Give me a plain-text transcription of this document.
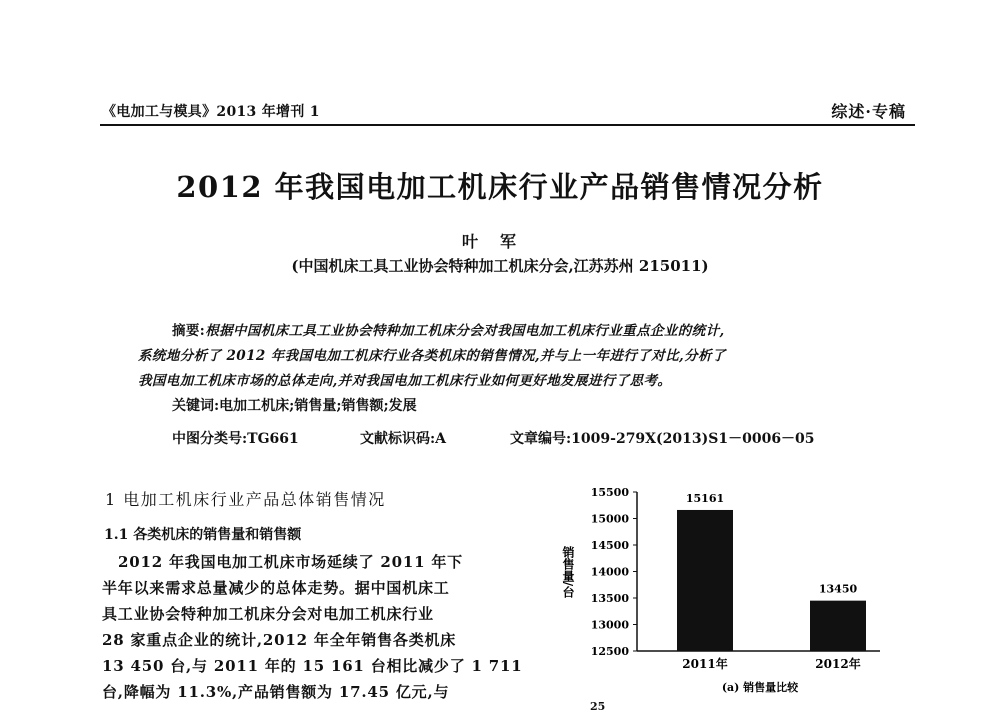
《电加工与模具》2013 年增刊 1	综述·专稿
2012 年我国电加工机床行业产品销售情况分析
叶军
(中国机床工具工业协会特种加工机床分会,江苏苏州 215011)
摘要:根据中国机床工具工业协会特种加工机床分会对我国电加工机床行业重点企业的统计,
系统地分析了 2012 年我国电加工机床行业各类机床的销售情况,并与上一年进行了对比,分析了
我国电加工机床市场的总体走向,并对我国电加工机床行业如何更好地发展进行了思考。
关键词:电加工机床;销售量;销售额;发展
中图分类号:TG661	文献标识码:A	文章编号:1009-279X(2013)S1－0006－05
1 电加工机床行业产品总体销售情况
1.1 各类机床的销售量和销售额
2012 年我国电加工机床市场延续了 2011 年下
半年以来需求总量减少的总体走势。据中国机床工
具工业协会特种加工机床分会对电加工机床行业
28 家重点企业的统计,2012 年全年销售各类机床
13 450 台,与 2011 年的 15 161 台相比减少了 1 711
台,降幅为 11.3%,产品销售额为 17.45 亿元,与
12500
13000
13500
14000
14500
15000
15500	15161
2011年
13450
2012年
销售量/台
(a) 销售量比较
25
